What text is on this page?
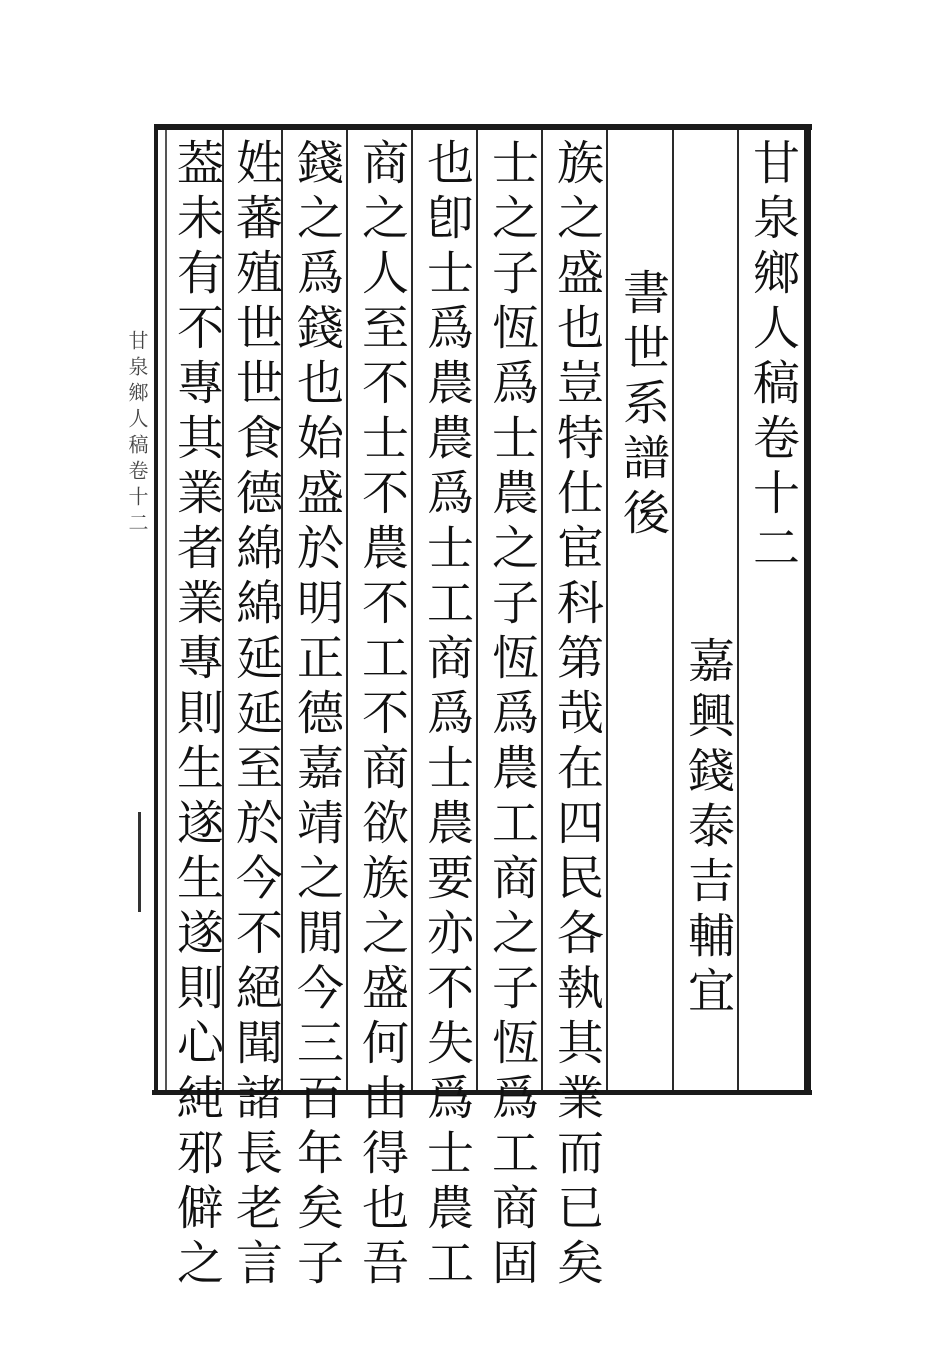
甘泉鄉人稿卷十二
嘉興錢泰吉輔宜
書世系譜後
族之盛也豈特仕宦科第哉在四民各執其業而已矣
士之子恆爲士農之子恆爲農工商之子恆爲工商固
也卽士爲農農爲士工商爲士農要亦不失爲士農工
商之人至不士不農不工不商欲族之盛何由得也吾
錢之爲錢也始盛於明正德嘉靖之閒今三百年矣子
姓蕃殖世世食德綿綿延延至於今不絕聞諸長老言
葢未有不專其業者業專則生遂生遂則心純邪僻之
甘泉鄉人稿卷十二
